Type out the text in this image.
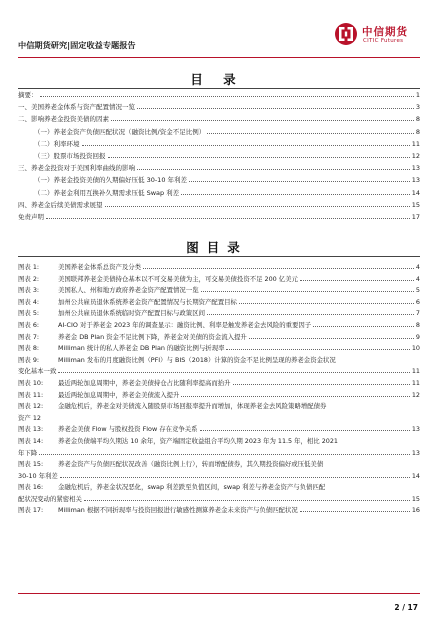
中信期货研究|固定收益专题报告
中信期货
CITIC Futures
目 录
摘要：	1
一、美国养老金体系与资产配置情况一览	3
二、影响养老金投资美债的因素	8
（一）养老金资产负债匹配状况（融资比例/资金不足比例）	8
（二）利率环境	11
（三）股票市场投资回报	12
三、养老金投资对于美国利率曲线的影响	13
（一）养老金投资美债的久期偏好压低 30-10 年利差	13
（二）养老金利用互换补久期需求压低 Swap 利差	14
四、养老金后续美债需求展望	15
免责声明	17
图目录
图表 1:	美国养老金体系总资产及分类	4
图表 2:	美国联邦养老金美债持仓基本以不可交易美债为主，可交易美债投资不足 200 亿美元	4
图表 3:	美国私人、州和地方政府养老金资产配置情况一览	5
图表 4:	加州公共雇员退休系统养老金资产配置情况与长期资产配置目标	6
图表 5:	加州公共雇员退休系统临时资产配置目标与政策区间	7
图表 6:	AI-CIO 对于养老金 2023 年的调查显示：融资比例、利率是触发养老金去风险的重要因子	8
图表 7:	养老金 DB Plan 资金不足比例下降，养老金对美债的资金流入提升	9
图表 8:	Milliman 统计的私人养老金 DB Plan 的融资比例与折现率	10
图表 9:	Milliman 发布的月度融资比例（PFI）与 BIS（2018）计算的资金不足比例呈现的养老金资金状况
变化基本一致	11
图表 10:	最近两轮加息周期中，养老金美债持仓占比随利率提高而抬升	11
图表 11:	最近两轮加息周期中，养老金美债流入提升	12
图表 12: 金融危机后，养老金对美债流入随股票市场回报率提升而增加，体现养老金去风险策略增配债券
资产 12
图表 13:	养老金美债 Flow 与股权投资 Flow 存在竞争关系	13
图表 14: 养老金负债端平均久期达 10 余年，资产端固定收益组合平均久期 2023 年为 11.5 年，相比 2021
年下降	13
图表 15: 养老金资产与负债匹配状况改善（融资比例上行），转而增配债券，其久期投资偏好或压低美债
30-10 年利差	14
图表 16: 金融危机后，养老金状况恶化，swap 利差跌至负值区间，swap 利差与养老金资产与负债匹配
配状况变动的紧密相关	15
图表 17:	Milliman 根据不同折现率与投资回报进行敏感性测算养老金未来资产与负债匹配状况	16
2 / 17
